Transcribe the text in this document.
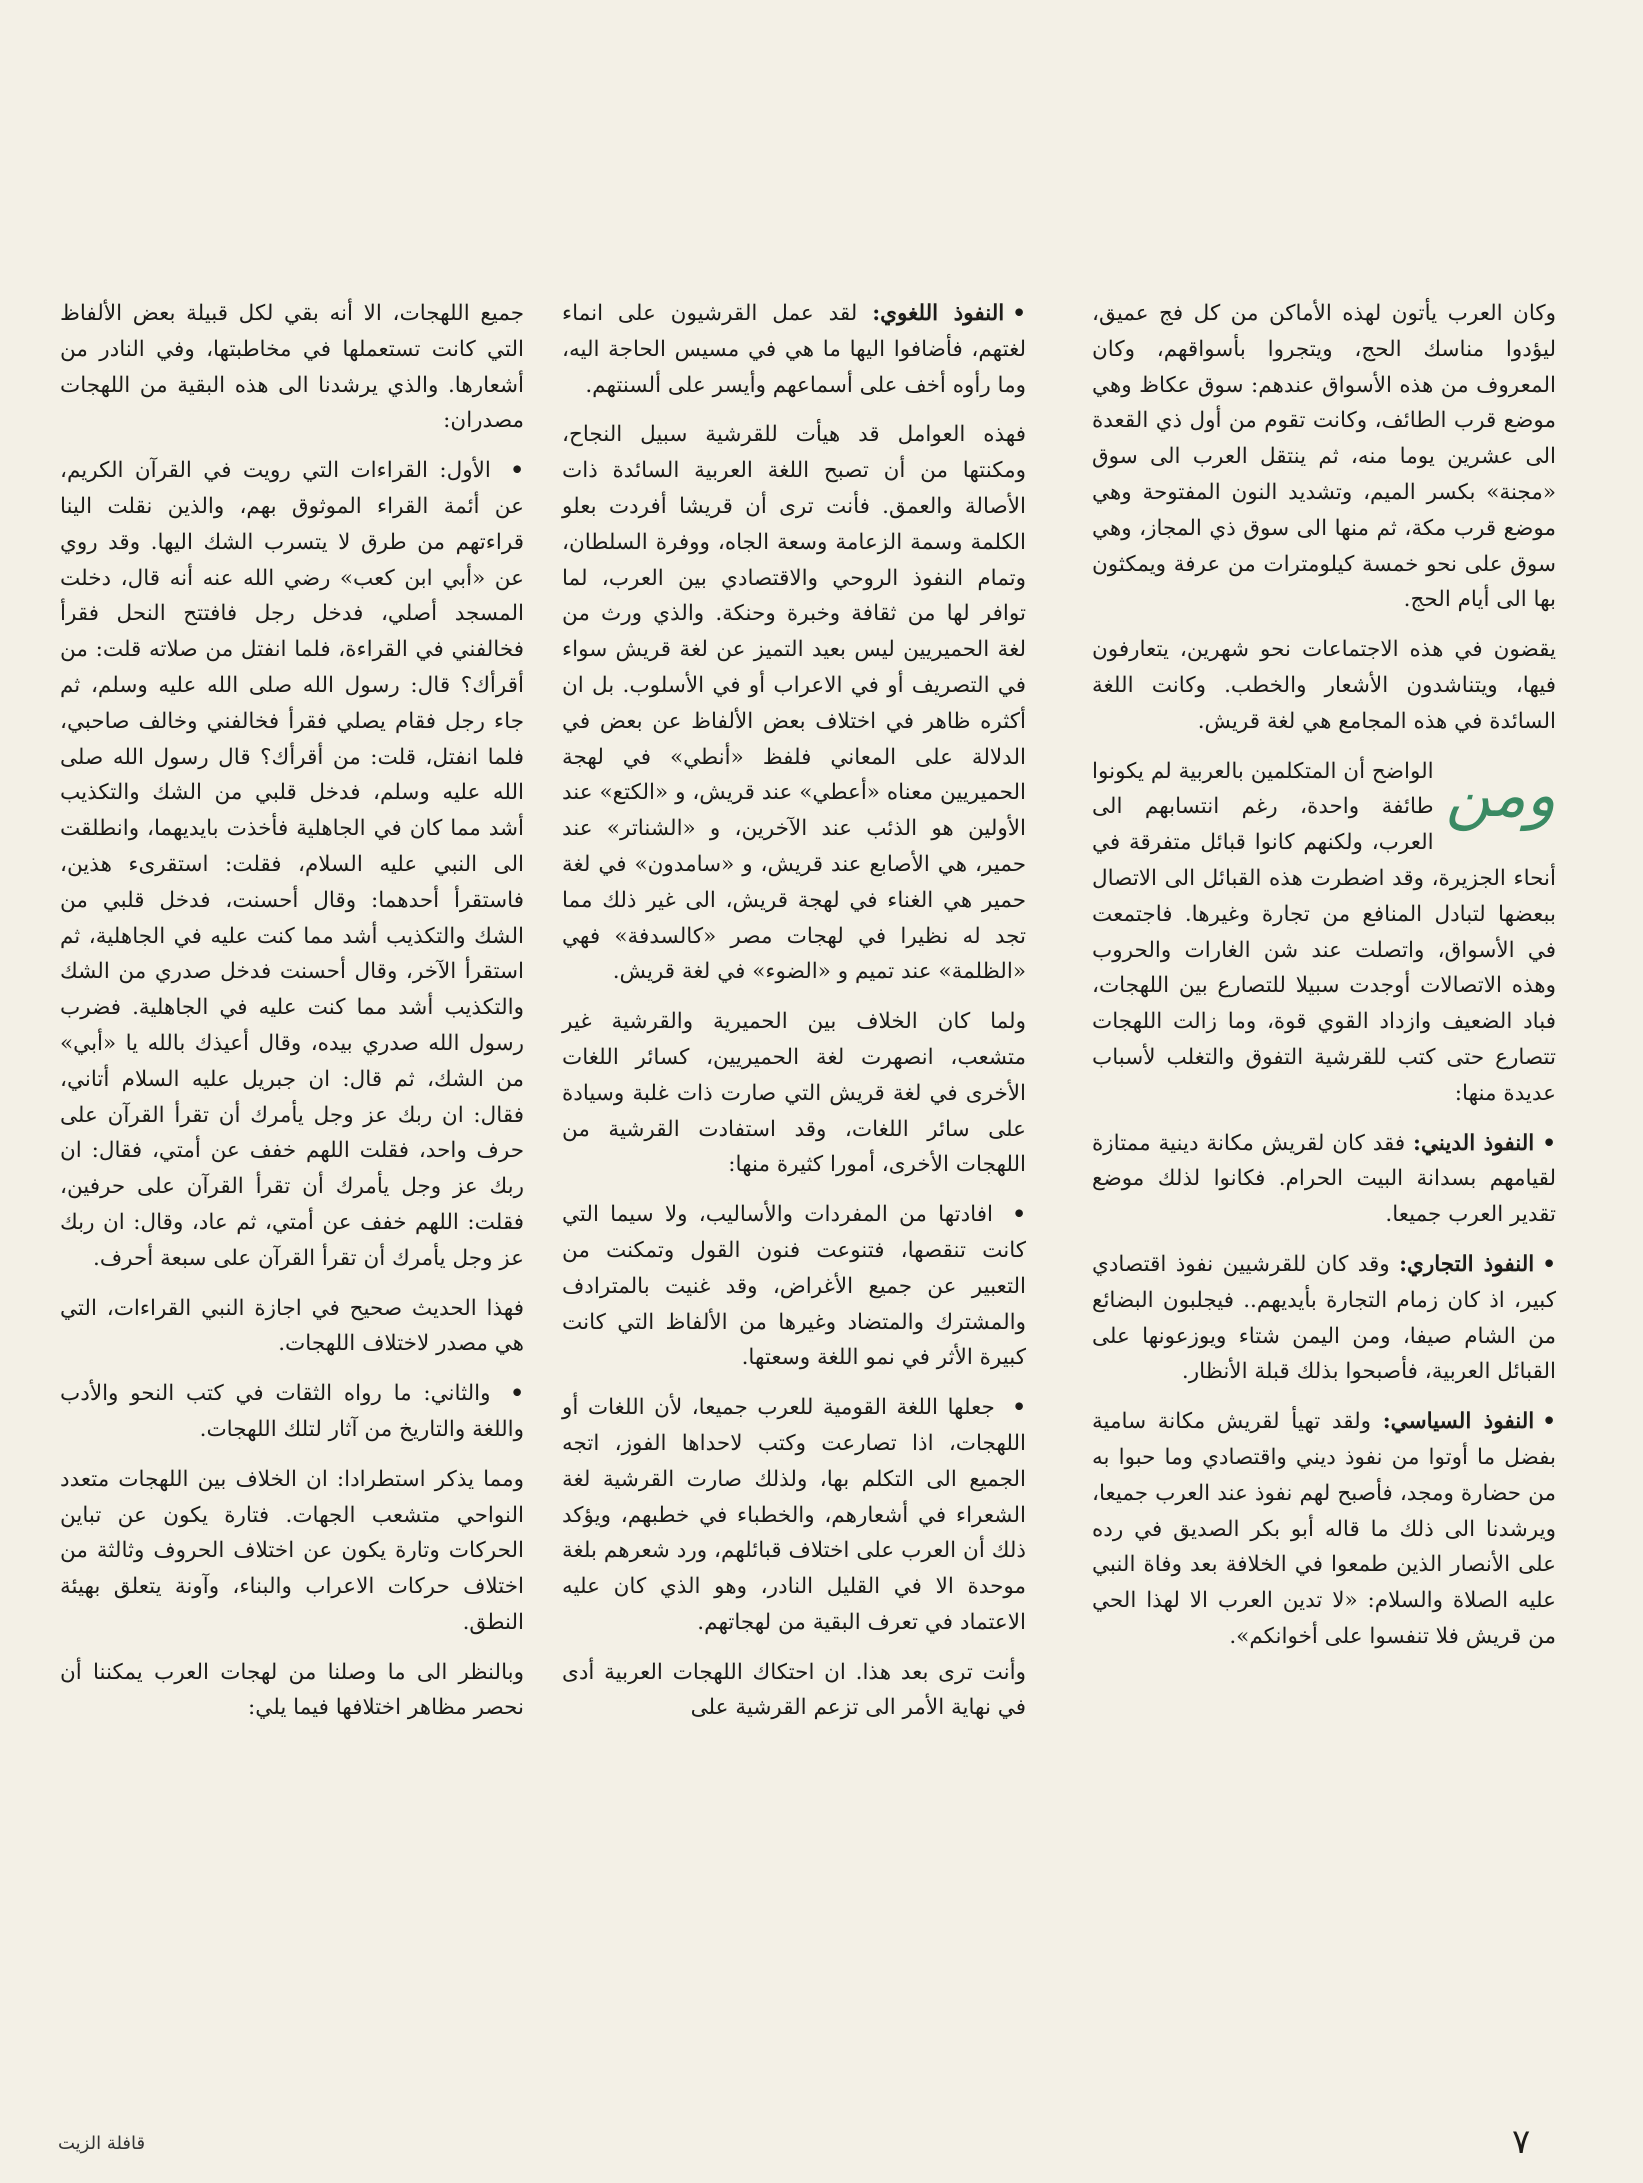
وكان العرب يأتون لهذه الأماكن من كل فج عميق، ليؤدوا مناسك الحج، ويتجروا بأسواقهم، وكان المعروف من هذه الأسواق عندهم: سوق عكاظ وهي موضع قرب الطائف، وكانت تقوم من أول ذي القعدة الى عشرين يوما منه، ثم ينتقل العرب الى سوق «مجنة» بكسر الميم، وتشديد النون المفتوحة وهي موضع قرب مكة، ثم منها الى سوق ذي المجاز، وهي سوق على نحو خمسة كيلومترات من عرفة ويمكثون بها الى أيام الحج.

يقضون في هذه الاجتماعات نحو شهرين، يتعارفون فيها، ويتناشدون الأشعار والخطب. وكانت اللغة السائدة في هذه المجامع هي لغة قريش.

ومن
الواضح أن المتكلمين بالعربية لم يكونوا طائفة واحدة، رغم انتسابهم الى العرب، ولكنهم كانوا قبائل متفرقة في أنحاء الجزيرة، وقد اضطرت هذه القبائل الى الاتصال ببعضها لتبادل المنافع من تجارة وغيرها. فاجتمعت في الأسواق، واتصلت عند شن الغارات والحروب وهذه الاتصالات أوجدت سبيلا للتصارع بين اللهجات، فباد الضعيف وازداد القوي قوة، وما زالت اللهجات تتصارع حتى كتب للقرشية التفوق والتغلب لأسباب عديدة منها:

•النفوذ الديني: فقد كان لقريش مكانة دينية ممتازة لقيامهم بسدانة البيت الحرام. فكانوا لذلك موضع تقدير العرب جميعا.

•النفوذ التجاري: وقد كان للقرشيين نفوذ اقتصادي كبير، اذ كان زمام التجارة بأيديهم.. فيجلبون البضائع من الشام صيفا، ومن اليمن شتاء ويوزعونها على القبائل العربية، فأصبحوا بذلك قبلة الأنظار.

•النفوذ السياسي: ولقد تهيأ لقريش مكانة سامية بفضل ما أوتوا من نفوذ ديني واقتصادي وما حبوا به من حضارة ومجد، فأصبح لهم نفوذ عند العرب جميعا، ويرشدنا الى ذلك ما قاله أبو بكر الصديق في رده على الأنصار الذين طمعوا في الخلافة بعد وفاة النبي عليه الصلاة والسلام: «لا تدين العرب الا لهذا الحي من قريش فلا تنفسوا على أخوانكم».

•النفوذ اللغوي: لقد عمل القرشيون على انماء لغتهم، فأضافوا اليها ما هي في مسيس الحاجة اليه، وما رأوه أخف على أسماعهم وأيسر على ألسنتهم.

فهذه العوامل قد هيأت للقرشية سبيل النجاح، ومكنتها من أن تصبح اللغة العربية السائدة ذات الأصالة والعمق. فأنت ترى أن قريشا أفردت بعلو الكلمة وسمة الزعامة وسعة الجاه، ووفرة السلطان، وتمام النفوذ الروحي والاقتصادي بين العرب، لما توافر لها من ثقافة وخبرة وحنكة. والذي ورث من لغة الحميريين ليس بعيد التميز عن لغة قريش سواء في التصريف أو في الاعراب أو في الأسلوب. بل ان أكثره ظاهر في اختلاف بعض الألفاظ عن بعض في الدلالة على المعاني فلفظ «أنطي» في لهجة الحميريين معناه «أعطي» عند قريش، و «الكتع» عند الأولين هو الذئب عند الآخرين، و «الشناتر» عند حمير، هي الأصابع عند قريش، و «سامدون» في لغة حمير هي الغناء في لهجة قريش، الى غير ذلك مما تجد له نظيرا في لهجات مصر «كالسدفة» فهي «الظلمة» عند تميم و «الضوء» في لغة قريش.

ولما كان الخلاف بين الحميرية والقرشية غير متشعب، انصهرت لغة الحميريين، كسائر اللغات الأخرى في لغة قريش التي صارت ذات غلبة وسيادة على سائر اللغات، وقد استفادت القرشية من اللهجات الأخرى، أمورا كثيرة منها:

• افادتها من المفردات والأساليب، ولا سيما التي كانت تنقصها، فتنوعت فنون القول وتمكنت من التعبير عن جميع الأغراض، وقد غنيت بالمترادف والمشترك والمتضاد وغيرها من الألفاظ التي كانت كبيرة الأثر في نمو اللغة وسعتها.

• جعلها اللغة القومية للعرب جميعا، لأن اللغات أو اللهجات، اذا تصارعت وكتب لاحداها الفوز، اتجه الجميع الى التكلم بها، ولذلك صارت القرشية لغة الشعراء في أشعارهم، والخطباء في خطبهم، ويؤكد ذلك أن العرب على اختلاف قبائلهم، ورد شعرهم بلغة موحدة الا في القليل النادر، وهو الذي كان عليه الاعتماد في تعرف البقية من لهجاتهم.

وأنت ترى بعد هذا. ان احتكاك اللهجات العربية أدى في نهاية الأمر الى تزعم القرشية على

جميع اللهجات، الا أنه بقي لكل قبيلة بعض الألفاظ التي كانت تستعملها في مخاطبتها، وفي النادر من أشعارها. والذي يرشدنا الى هذه البقية من اللهجات مصدران:

• الأول: القراءات التي رويت في القرآن الكريم، عن أئمة القراء الموثوق بهم، والذين نقلت الينا قراءتهم من طرق لا يتسرب الشك اليها. وقد روي عن «أبي ابن كعب» رضي الله عنه أنه قال، دخلت المسجد أصلي، فدخل رجل فافتتح النحل فقرأ فخالفني في القراءة، فلما انفتل من صلاته قلت: من أقرأك؟ قال: رسول الله صلى الله عليه وسلم، ثم جاء رجل فقام يصلي فقرأ فخالفني وخالف صاحبي، فلما انفتل، قلت: من أقرأك؟ قال رسول الله صلى الله عليه وسلم، فدخل قلبي من الشك والتكذيب أشد مما كان في الجاهلية فأخذت بايديهما، وانطلقت الى النبي عليه السلام، فقلت: استقرىء هذين، فاستقرأ أحدهما: وقال أحسنت، فدخل قلبي من الشك والتكذيب أشد مما كنت عليه في الجاهلية، ثم استقرأ الآخر، وقال أحسنت فدخل صدري من الشك والتكذيب أشد مما كنت عليه في الجاهلية. فضرب رسول الله صدري بيده، وقال أعيذك بالله يا «أبي» من الشك، ثم قال: ان جبريل عليه السلام أتاني، فقال: ان ربك عز وجل يأمرك أن تقرأ القرآن على حرف واحد، فقلت اللهم خفف عن أمتي، فقال: ان ربك عز وجل يأمرك أن تقرأ القرآن على حرفين، فقلت: اللهم خفف عن أمتي، ثم عاد، وقال: ان ربك عز وجل يأمرك أن تقرأ القرآن على سبعة أحرف.

فهذا الحديث صحيح في اجازة النبي القراءات، التي هي مصدر لاختلاف اللهجات.

• والثاني: ما رواه الثقات في كتب النحو والأدب واللغة والتاريخ من آثار لتلك اللهجات.

ومما يذكر استطرادا: ان الخلاف بين اللهجات متعدد النواحي متشعب الجهات. فتارة يكون عن تباين الحركات وتارة يكون عن اختلاف الحروف وثالثة من اختلاف حركات الاعراب والبناء، وآونة يتعلق بهيئة النطق.

وبالنظر الى ما وصلنا من لهجات العرب يمكننا أن نحصر مظاهر اختلافها فيما يلي:

٧
قافلة الزيت
